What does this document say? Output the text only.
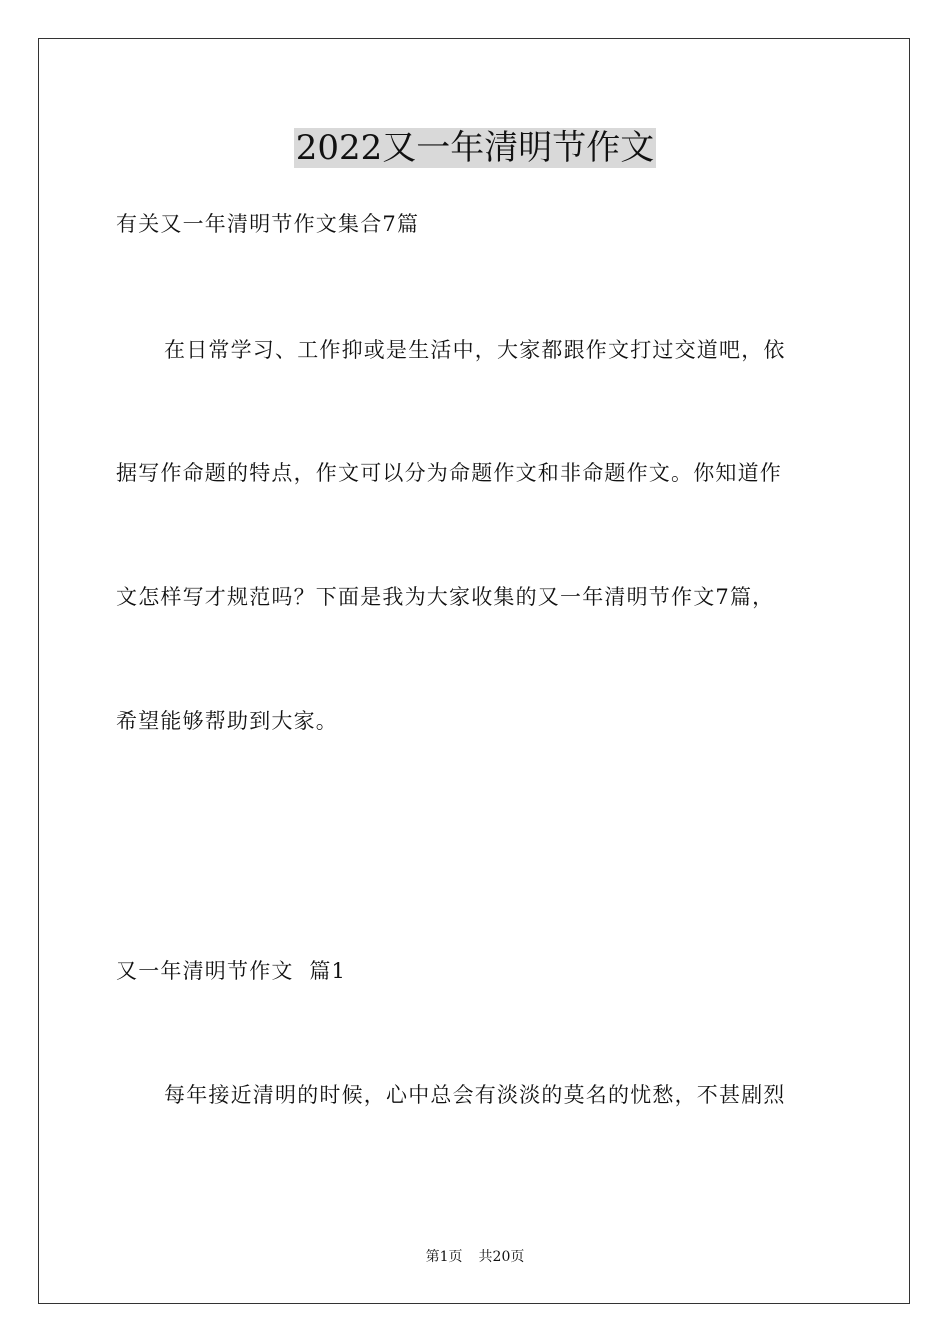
2022又一年清明节作文
有关又一年清明节作文集合7篇
在日常学习、工作抑或是生活中，大家都跟作文打过交道吧，依
据写作命题的特点，作文可以分为命题作文和非命题作文。你知道作
文怎样写才规范吗？下面是我为大家收集的又一年清明节作文7篇，
希望能够帮助到大家。
又一年清明节作文  篇1
每年接近清明的时候，心中总会有淡淡的莫名的忧愁，不甚剧烈
第1页 共20页
